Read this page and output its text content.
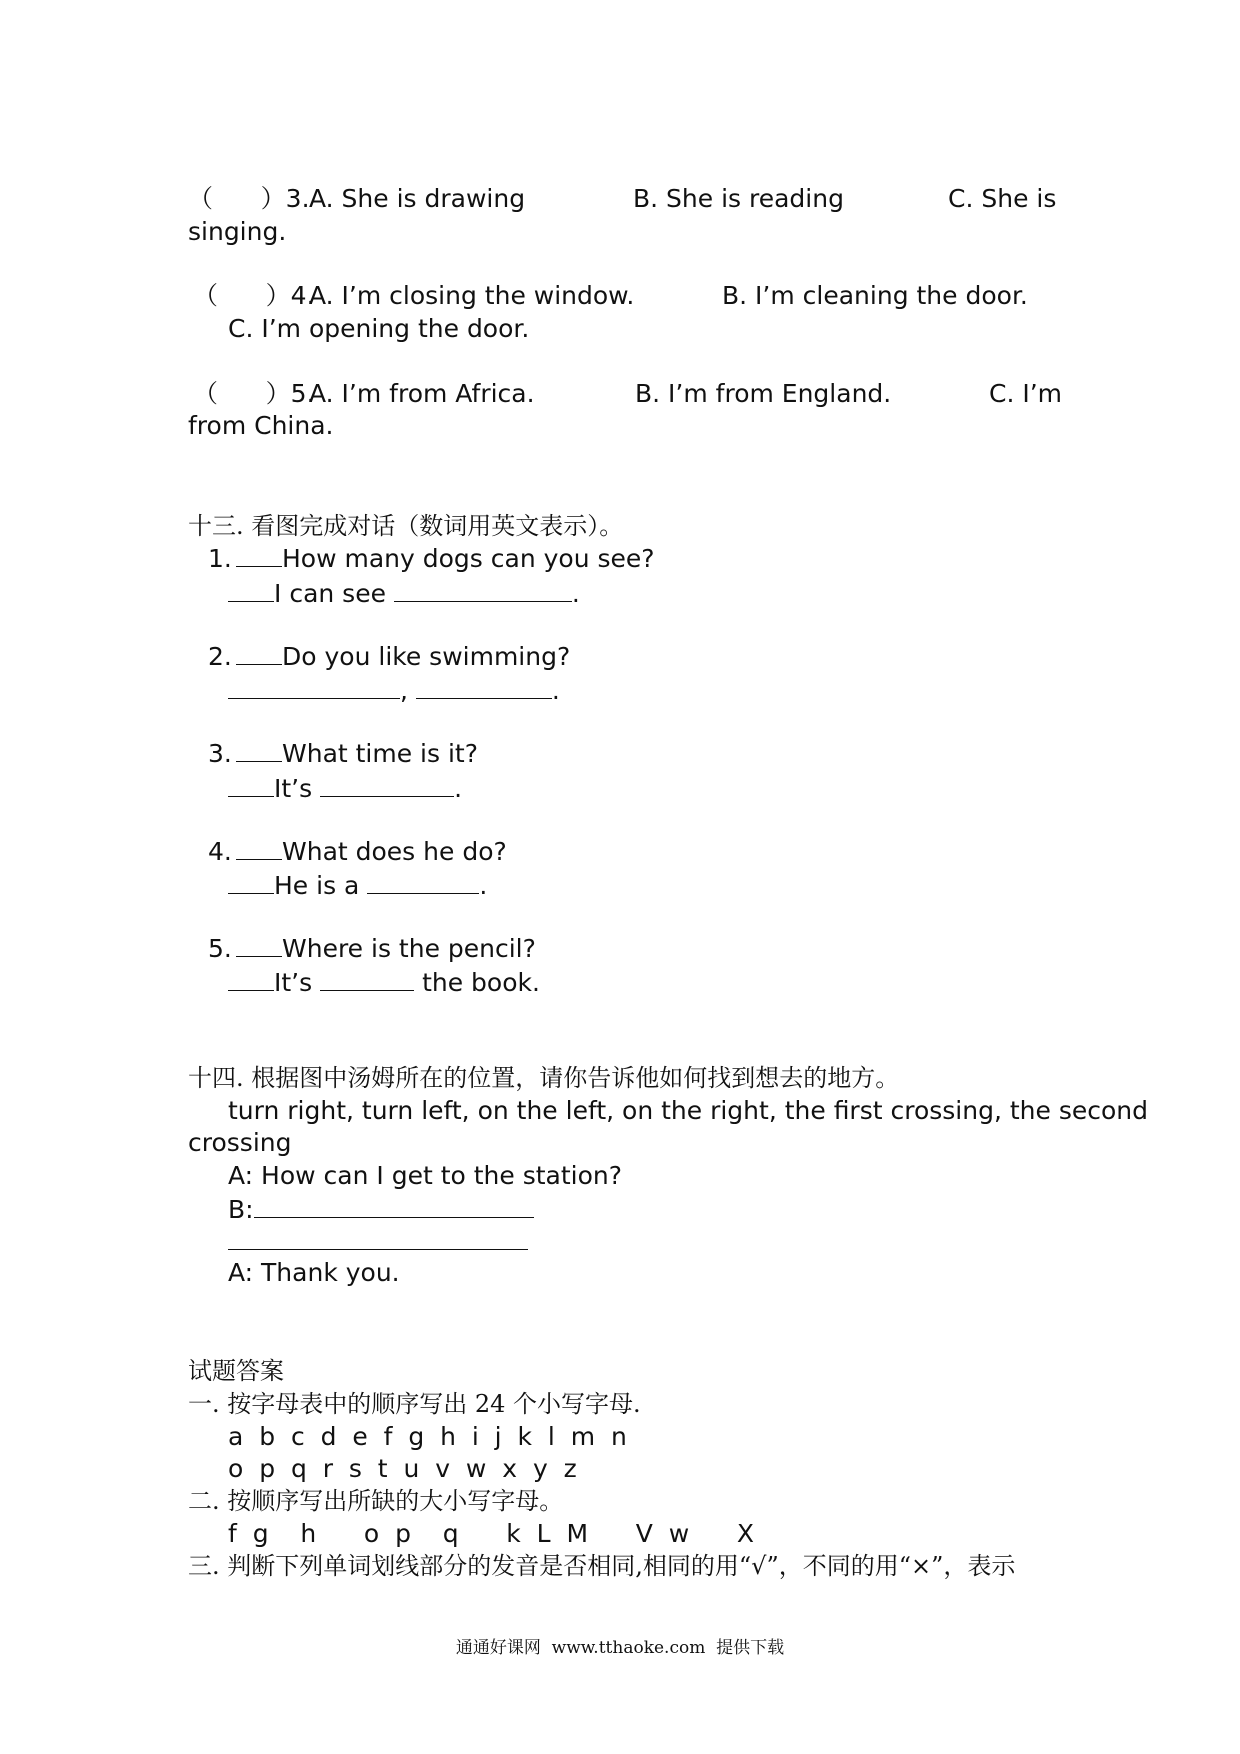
（      ）3. A. She is drawing	B. She is reading	C. She is
singing.
（      ）4.
A. I’m closing the window.	B. I’m cleaning the door.
C. I’m opening the door.
（      ）5.
A. I’m from Africa.	B. I’m from England.	C. I’m
from China.
十三. 看图完成对话（数词用英文表示）。
1.	How many dogs can you see?
I can see	.
2.	Do you like swimming?
,	.
3.	What time is it?
It’s	.
4.	What does he do?
He is a	.
5.	Where is the pencil?
It’s	the book.
十四. 根据图中汤姆所在的位置，请你告诉他如何找到想去的地方。
turn right, turn left, on the left, on the right, the first crossing, the second
crossing
A: How can I get to the station?
B:
A: Thank you.
试题答案
一. 按字母表中的顺序写出 24 个小写字母.
a  b  c  d  e  f  g  h  i  j  k  l  m  n
o  p  q  r  s  t  u  v  w  x  y  z
二. 按顺序写出所缺的大小写字母。
f  g    h      o  p    q      k  L  M      V  w      X
三. 判断下列单词划线部分的发音是否相同,相同的用“√”，不同的用“×”，表示
通通好课网  www.tthaoke.com  提供下载
